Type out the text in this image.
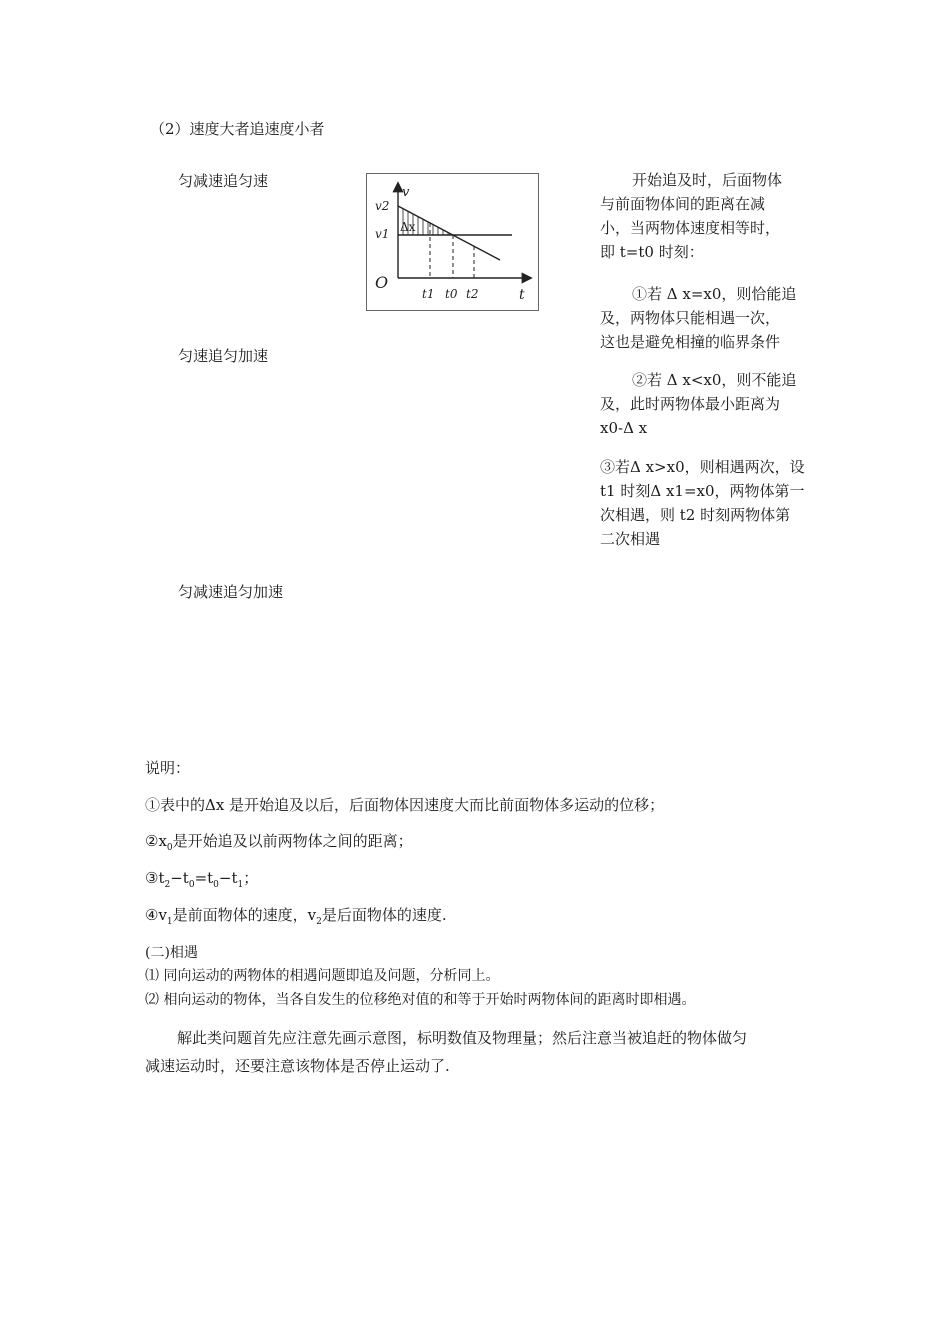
（2）速度大者追速度小者
匀减速追匀速
匀速追匀加速
匀减速追匀加速
v
t
O
v2
v1
t1 t0 t2
Δx
开始追及时，后面物体
与前面物体间的距离在减
小，当两物体速度相等时，
即 t=t0 时刻：
①若 Δ x=x0，则恰能追
及，两物体只能相遇一次，
这也是避免相撞的临界条件
②若 Δ x<x0，则不能追
及，此时两物体最小距离为
x0-Δ x
③若Δ x>x0，则相遇两次，设
t1 时刻Δ x1=x0，两物体第一
次相遇，则 t2 时刻两物体第
二次相遇
说明：
①表中的Δx 是开始追及以后，后面物体因速度大而比前面物体多运动的位移；
$②x_0$是开始追及以前两物体之间的距离；
$③t_2-t_0=t_0-t_1$；
$④v_1$是前面物体的速度，$v_2$是后面物体的速度.
(二)相遇
⑴ 同向运动的两物体的相遇问题即追及问题，分析同上。
⑵ 相向运动的物体，当各自发生的位移绝对值的和等于开始时两物体间的距离时即相遇。
解此类问题首先应注意先画示意图，标明数值及物理量；然后注意当被追赶的物体做匀
减速运动时，还要注意该物体是否停止运动了.
